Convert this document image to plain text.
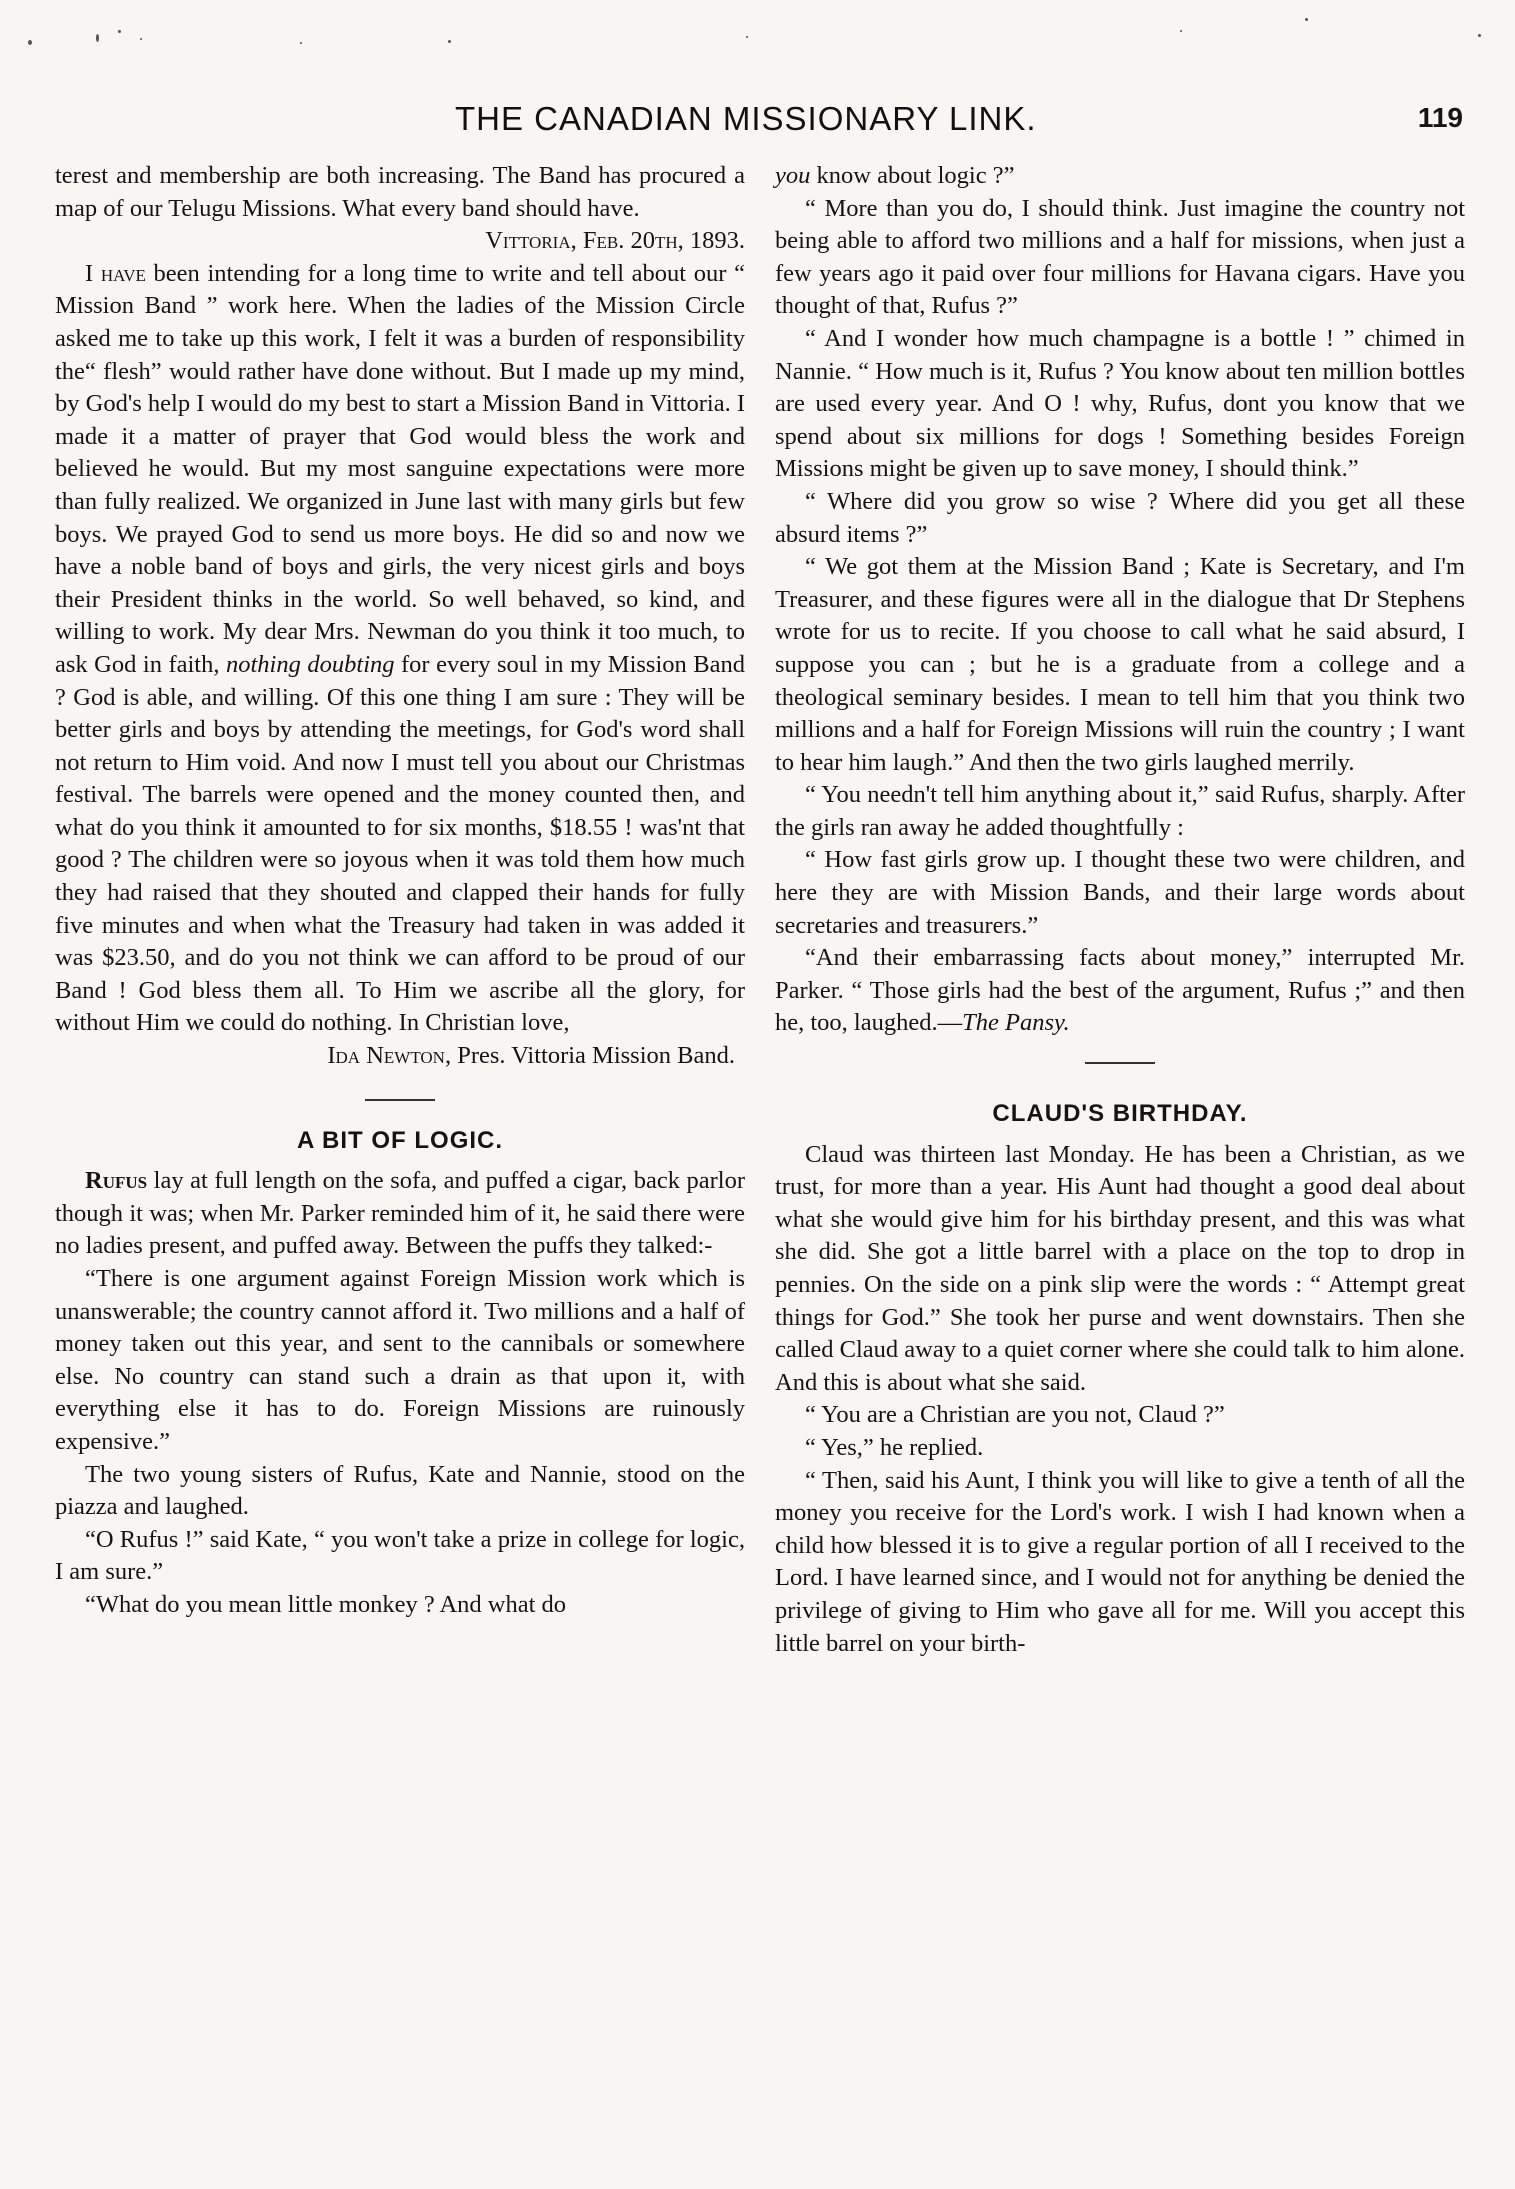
THE CANADIAN MISSIONARY LINK.	119

terest and membership are both increasing. The Band has procured a map of our Telugu Missions. What every band should have.

Vittoria, Feb. 20th, 1893.

I have been intending for a long time to write and tell about our “ Mission Band ” work here. When the ladies of the Mission Circle asked me to take up this work, I felt it was a burden of responsibility the“ flesh” would rather have done without. But I made up my mind, by God's help I would do my best to start a Mission Band in Vittoria. I made it a matter of prayer that God would bless the work and believed he would. But my most sanguine expectations were more than fully realized. We organized in June last with many girls but few boys. We prayed God to send us more boys. He did so and now we have a noble band of boys and girls, the very nicest girls and boys their President thinks in the world. So well behaved, so kind, and willing to work. My dear Mrs. Newman do you think it too much, to ask God in faith, nothing doubting for every soul in my Mission Band ? God is able, and willing. Of this one thing I am sure : They will be better girls and boys by attending the meetings, for God's word shall not return to Him void. And now I must tell you about our Christmas festival. The barrels were opened and the money counted then, and what do you think it amounted to for six months, $18.55 ! was'nt that good ? The children were so joyous when it was told them how much they had raised that they shouted and clapped their hands for fully five minutes and when what the Treasury had taken in was added it was $23.50, and do you not think we can afford to be proud of our Band ! God bless them all. To Him we ascribe all the glory, for without Him we could do nothing. In Christian love,

Ida Newton, Pres. Vittoria Mission Band.

A BIT OF LOGIC.

Rufus lay at full length on the sofa, and puffed a cigar, back parlor though it was; when Mr. Parker reminded him of it, he said there were no ladies present, and puffed away. Between the puffs they talked:-

“There is one argument against Foreign Mission work which is unanswerable; the country cannot afford it. Two millions and a half of money taken out this year, and sent to the cannibals or somewhere else. No country can stand such a drain as that upon it, with everything else it has to do. Foreign Missions are ruinously expensive.”

The two young sisters of Rufus, Kate and Nannie, stood on the piazza and laughed.

“O Rufus !” said Kate, “ you won't take a prize in college for logic, I am sure.”

“What do you mean little monkey ? And what do

you know about logic ?”

“ More than you do, I should think. Just imagine the country not being able to afford two millions and a half for missions, when just a few years ago it paid over four millions for Havana cigars. Have you thought of that, Rufus ?”

“ And I wonder how much champagne is a bottle ! ” chimed in Nannie. “ How much is it, Rufus ? You know about ten million bottles are used every year. And O ! why, Rufus, dont you know that we spend about six millions for dogs ! Something besides Foreign Missions might be given up to save money, I should think.”

“ Where did you grow so wise ? Where did you get all these absurd items ?”

“ We got them at the Mission Band ; Kate is Secretary, and I'm Treasurer, and these figures were all in the dialogue that Dr Stephens wrote for us to recite. If you choose to call what he said absurd, I suppose you can ; but he is a graduate from a college and a theological seminary besides. I mean to tell him that you think two millions and a half for Foreign Missions will ruin the country ; I want to hear him laugh.” And then the two girls laughed merrily.

“ You needn't tell him anything about it,” said Rufus, sharply. After the girls ran away he added thoughtfully :

“ How fast girls grow up. I thought these two were children, and here they are with Mission Bands, and their large words about secretaries and treasurers.”

“And their embarrassing facts about money,” interrupted Mr. Parker. “ Those girls had the best of the argument, Rufus ;” and then he, too, laughed.—The Pansy.

CLAUD'S BIRTHDAY.

Claud was thirteen last Monday. He has been a Christian, as we trust, for more than a year. His Aunt had thought a good deal about what she would give him for his birthday present, and this was what she did. She got a little barrel with a place on the top to drop in pennies. On the side on a pink slip were the words : “ Attempt great things for God.” She took her purse and went downstairs. Then she called Claud away to a quiet corner where she could talk to him alone. And this is about what she said.

“ You are a Christian are you not, Claud ?”

“ Yes,” he replied.

“ Then, said his Aunt, I think you will like to give a tenth of all the money you receive for the Lord's work. I wish I had known when a child how blessed it is to give a regular portion of all I received to the Lord. I have learned since, and I would not for anything be denied the privilege of giving to Him who gave all for me. Will you accept this little barrel on your birth-
